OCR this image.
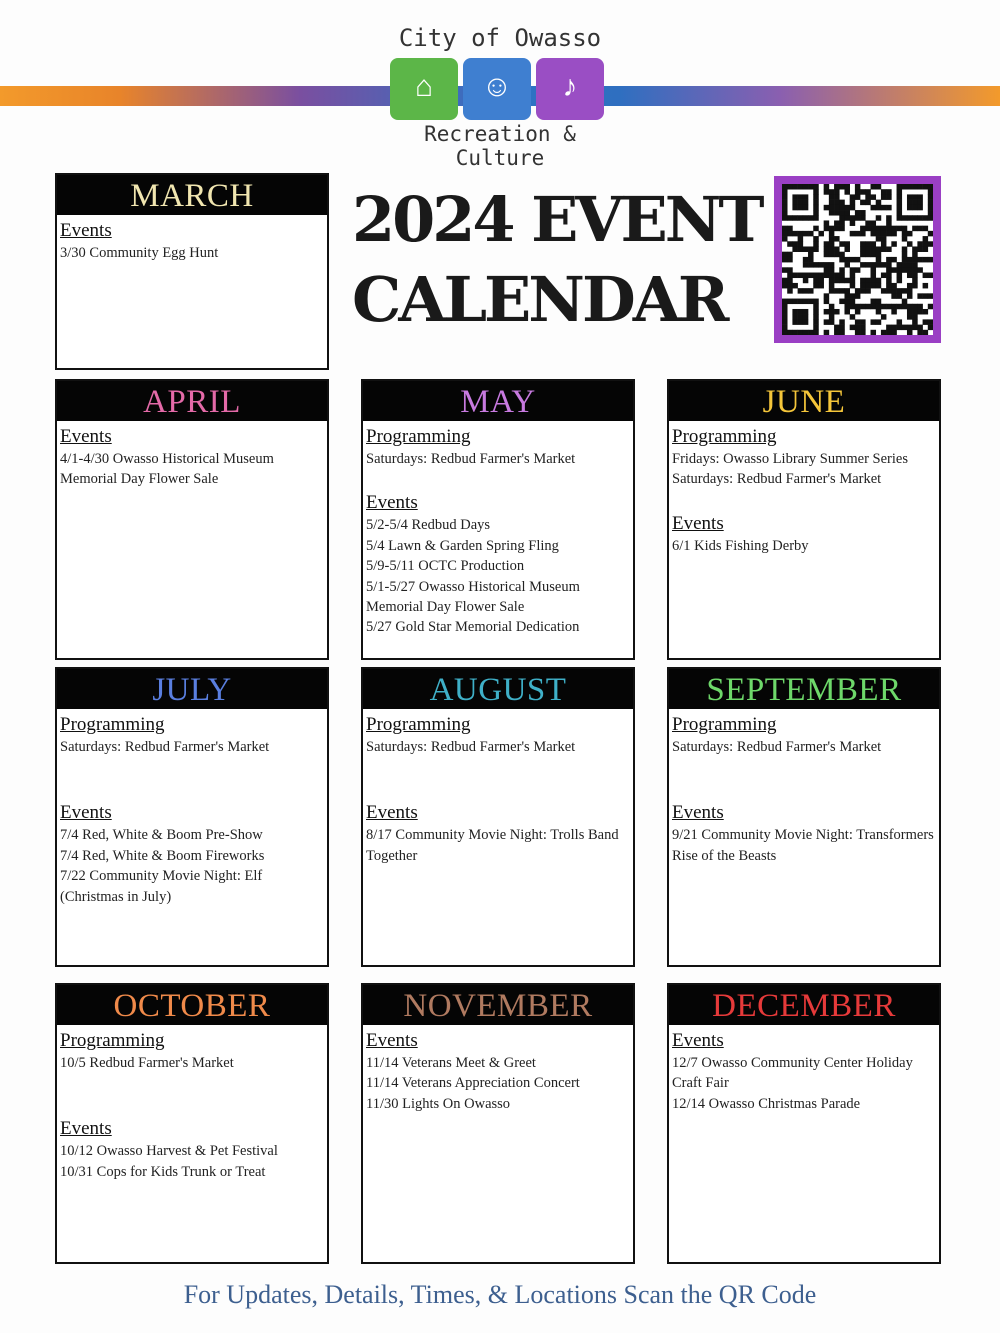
City of Owasso
⌂	☺	♪
Recreation & Culture
2024 EVENT
CALENDAR
MARCH
Events
3/30 Community Egg Hunt
APRIL
Events
4/1-4/30 Owasso Historical Museum Memorial Day Flower Sale
MAY
Programming
Saturdays: Redbud Farmer's Market
Events
5/2-5/4 Redbud Days
5/4 Lawn & Garden Spring Fling
5/9-5/11 OCTC Production
5/1-5/27 Owasso Historical Museum Memorial Day Flower Sale
5/27 Gold Star Memorial Dedication
JUNE
Programming
Fridays: Owasso Library Summer Series
Saturdays: Redbud Farmer's Market
Events
6/1 Kids Fishing Derby
JULY
Programming
Saturdays: Redbud Farmer's Market
Events
7/4 Red, White & Boom Pre-Show
7/4 Red, White & Boom Fireworks
7/22 Community Movie Night: Elf (Christmas in July)
AUGUST
Programming
Saturdays: Redbud Farmer's Market
Events
8/17 Community Movie Night: Trolls Band Together
SEPTEMBER
Programming
Saturdays: Redbud Farmer's Market
Events
9/21 Community Movie Night: Transformers Rise of the Beasts
OCTOBER
Programming
10/5 Redbud Farmer's Market
Events
10/12 Owasso Harvest & Pet Festival
10/31 Cops for Kids Trunk or Treat
NOVEMBER
Events
11/14 Veterans Meet & Greet
11/14 Veterans Appreciation Concert
11/30 Lights On Owasso
DECEMBER
Events
12/7 Owasso Community Center Holiday Craft Fair
12/14 Owasso Christmas Parade
For Updates, Details, Times, & Locations Scan the QR Code
